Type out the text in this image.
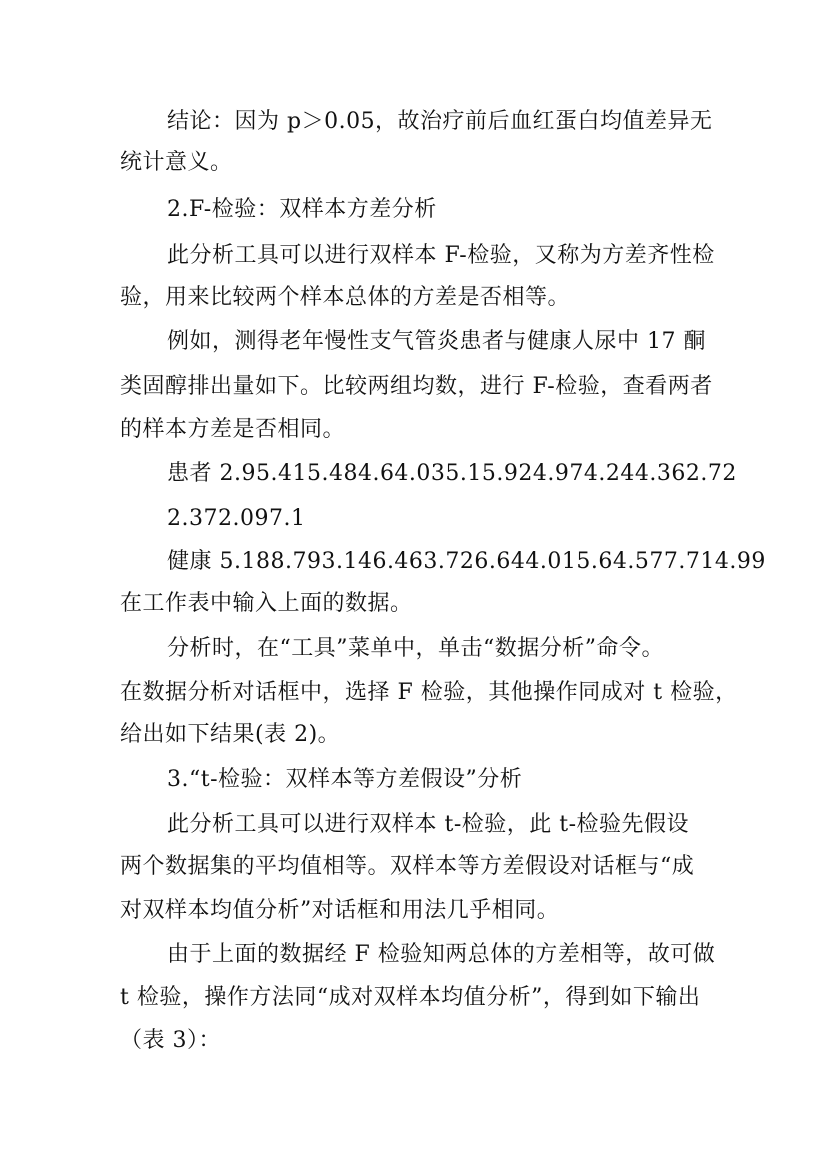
结论：因为 p＞0.05，故治疗前后血红蛋白均值差异无
统计意义。
2.F-检验：双样本方差分析
此分析工具可以进行双样本 F-检验，又称为方差齐性检
验，用来比较两个样本总体的方差是否相等。
例如，测得老年慢性支气管炎患者与健康人尿中 17 酮
类固醇排出量如下。比较两组均数，进行 F-检验，查看两者
的样本方差是否相同。
患者 2.95.415.484.64.035.15.924.974.244.362.72
2.372.097.1
健康 5.188.793.146.463.726.644.015.64.577.714.99
在工作表中输入上面的数据。
分析时，在“工具”菜单中，单击“数据分析”命令。
在数据分析对话框中，选择 F 检验，其他操作同成对 t 检验，
给出如下结果(表 2)。
3.“t-检验：双样本等方差假设”分析
此分析工具可以进行双样本 t-检验，此 t-检验先假设
两个数据集的平均值相等。双样本等方差假设对话框与“成
对双样本均值分析”对话框和用法几乎相同。
由于上面的数据经 F 检验知两总体的方差相等，故可做
t 检验，操作方法同“成对双样本均值分析”，得到如下输出
（表 3）：
